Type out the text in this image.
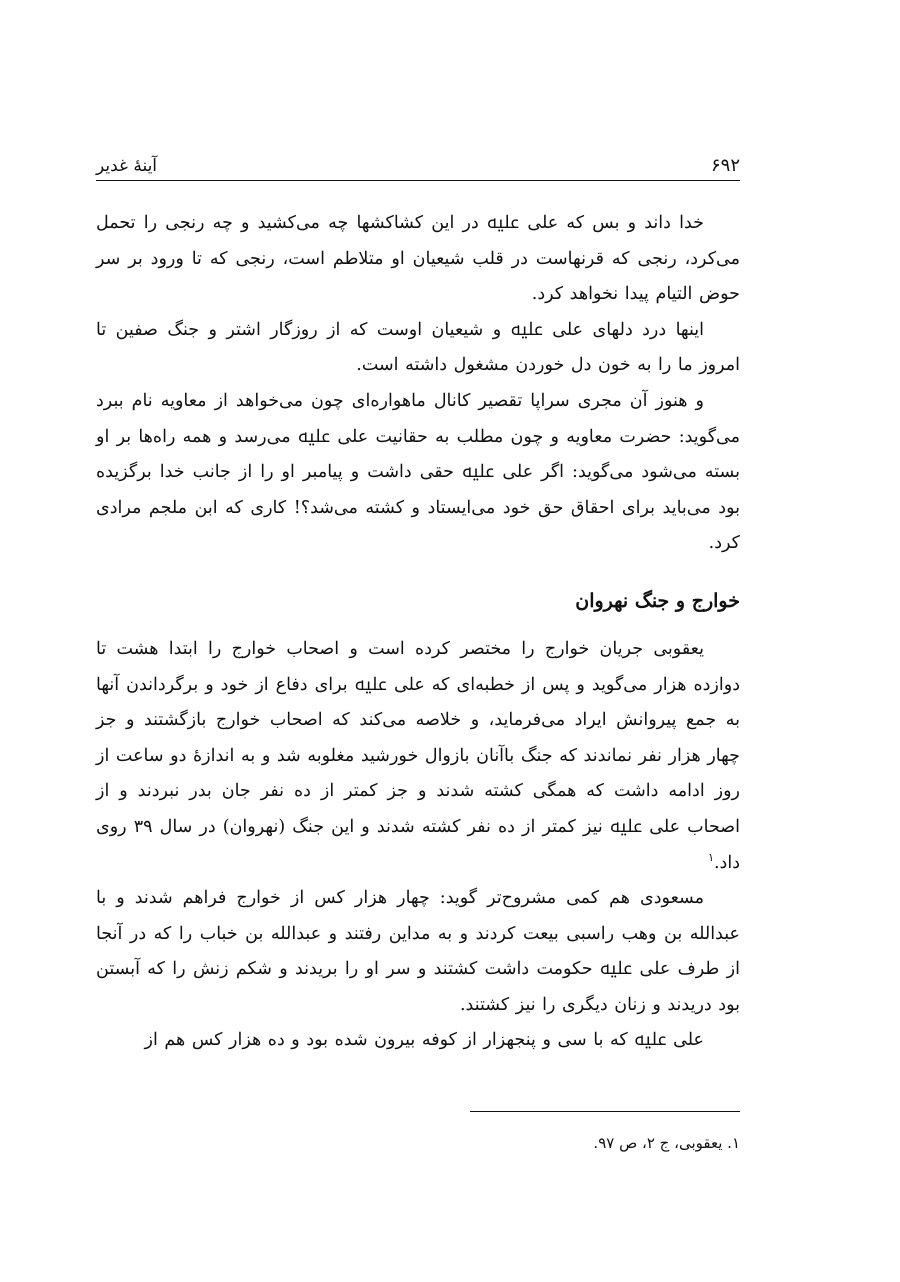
۶۹۲
آینهٔ غدیر

خدا داند و بس که علی ﷷ در این کشاکشها چه می‌کشید و چه رنجی را تحمل می‌کرد، رنجی که قرنهاست در قلب شیعیان او متلاطم است، رنجی که تا ورود بر سر حوض التیام پیدا نخواهد کرد.

اینها درد دلهای علی ﷷ و شیعیان اوست که از روزگار اشتر و جنگ صفین تا امروز ما را به خون دل خوردن مشغول داشته است.

و هنوز آن مجری سراپا تقصیر کانال ماهواره‌ای چون می‌خواهد از معاویه نام ببرد می‌گوید: حضرت معاویه و چون مطلب به حقانیت علی ﷷ می‌رسد و همه راه‌ها بر او بسته می‌شود می‌گوید: اگر علی ﷷ حقی داشت و پیامبر او را از جانب خدا برگزیده بود می‌باید برای احقاق حق خود می‌ایستاد و کشته می‌شد؟! کاری که ابن ملجم مرادی کرد.

خوارج و جنگ نهروان

یعقوبی جریان خوارج را مختصر کرده است و اصحاب خوارج را ابتدا هشت تا دوازده هزار می‌گوید و پس از خطبه‌ای که علی ﷷ برای دفاع از خود و برگرداندن آنها به جمع پیروانش ایراد می‌فرماید، و خلاصه می‌کند که اصحاب خوارج بازگشتند و جز چهار هزار نفر نماندند که جنگ باآنان بازوال خورشید مغلوبه شد و به اندازهٔ دو ساعت از روز ادامه داشت که همگی کشته شدند و جز کمتر از ده نفر جان بدر نبردند و از اصحاب علی ﷷ نیز کمتر از ده نفر کشته شدند و این جنگ (نهروان) در سال ۳۹ روی داد.$^۱$

مسعودی هم کمی مشروح‌تر گوید: چهار هزار کس از خوارج فراهم شدند و با عبدالله بن وهب راسبی بیعت کردند و به مداین رفتند و عبدالله بن خباب را که در آنجا از طرف علی ﷷ حکومت داشت کشتند و سر او را بریدند و شکم زنش را که آبستن بود دریدند و زنان دیگری را نیز کشتند.

علی ﷷ که با سی و پنجهزار از کوفه بیرون شده بود و ده هزار کس هم از

۱. یعقوبی، ج ۲، ص ۹۷.
